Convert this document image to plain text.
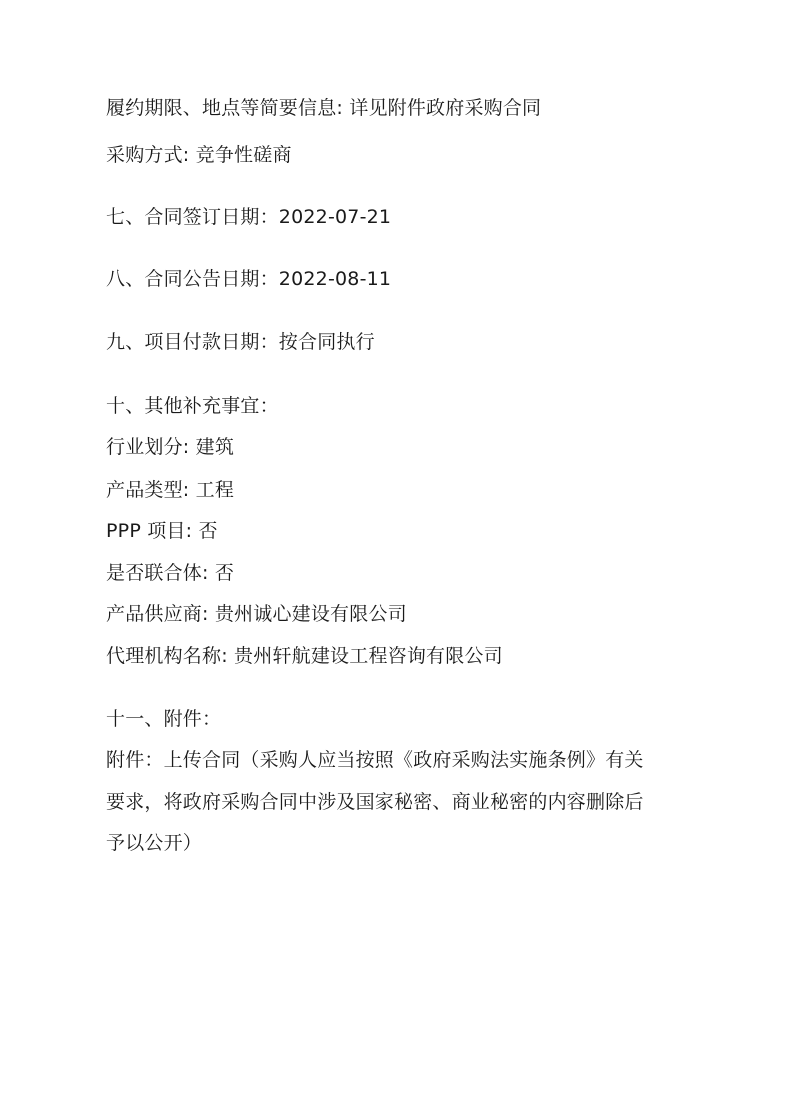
履约期限、地点等简要信息: 详见附件政府采购合同
采购方式: 竞争性磋商
七、合同签订日期：2022-07-21
八、合同公告日期：2022-08-11
九、项目付款日期：按合同执行
十、其他补充事宜：
行业划分: 建筑
产品类型: 工程
PPP 项目: 否
是否联合体: 否
产品供应商: 贵州诚心建设有限公司
代理机构名称: 贵州轩航建设工程咨询有限公司
十一、附件：
附件：上传合同（采购人应当按照《政府采购法实施条例》有关
要求，将政府采购合同中涉及国家秘密、商业秘密的内容删除后
予以公开）
